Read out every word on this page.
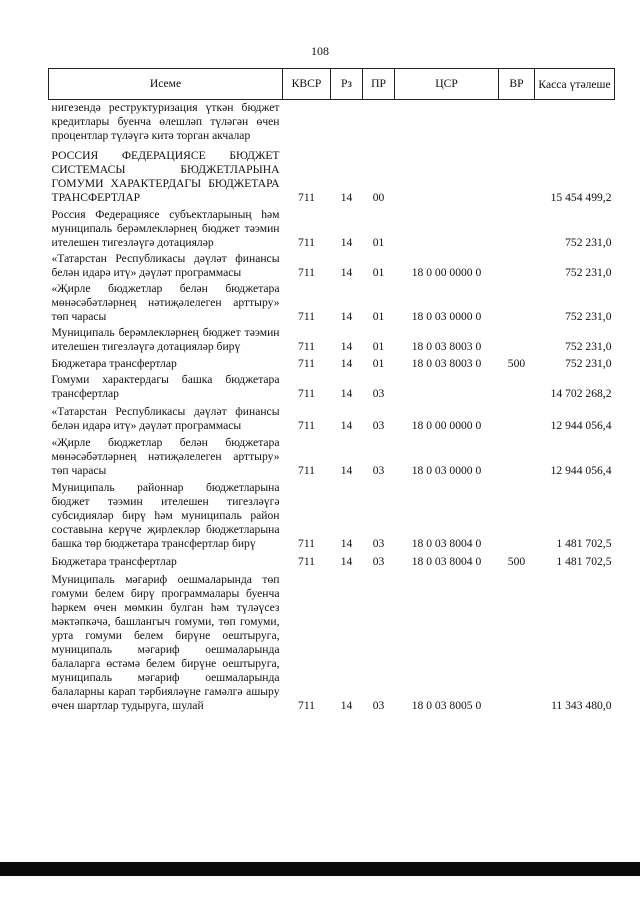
108
Исеме	КВСР	Рз	ПР	ЦСР	ВР	Касса үтәлеше
нигезендә реструктуризация үткән бюджет кредитлары буенча өлешләп түләгән өчен процентлар түләүгә китә торган акчалар						
РОССИЯ ФЕДЕРАЦИЯСЕ БЮДЖЕТ СИСТЕМАСЫ БЮДЖЕТЛАРЫНА ГОМУМИ ХАРАКТЕРДАГЫ БЮДЖЕТАРА ТРАНСФЕРТЛАР	711	14	00			15 454 499,2
Россия Федерациясе субъектларының һәм муниципаль берәмлекләрнең бюджет тәэмин ителешен тигезләүгә дотацияләр	711	14	01			752 231,0
«Татарстан Республикасы дәүләт финансы белән идарә итү» дәүләт программасы	711	14	01	18 0 00 0000 0		752 231,0
«Җирле бюджетлар белән бюджетара мөнәсәбәтләрнең нәтиҗәлелеген арттыру» төп чарасы	711	14	01	18 0 03 0000 0		752 231,0
Муниципаль берәмлекләрнең бюджет тәэмин ителешен тигезләүгә дотацияләр бирү	711	14	01	18 0 03 8003 0		752 231,0
Бюджетара трансфертлар	711	14	01	18 0 03 8003 0	500	752 231,0
Гомуми характердагы башка бюджетара трансфертлар	711	14	03			14 702 268,2
«Татарстан Республикасы дәүләт финансы белән идарә итү» дәүләт программасы	711	14	03	18 0 00 0000 0		12 944 056,4
«Җирле бюджетлар белән бюджетара мөнәсәбәтләрнең нәтиҗәлелеген арттыру» төп чарасы	711	14	03	18 0 03 0000 0		12 944 056,4
Муниципаль районнар бюджетларына бюджет тәэмин ителешен тигезләүгә субсидияләр бирү һәм муниципаль район составына керүче җирлекләр бюджетларына башка төр бюджетара трансфертлар бирү	711	14	03	18 0 03 8004 0		1 481 702,5
Бюджетара трансфертлар	711	14	03	18 0 03 8004 0	500	1 481 702,5
Муниципаль мәгариф оешмаларында төп гомуми белем бирү программалары буенча һәркем өчен мөмкин булган һәм түләүсез мәктәпкәчә, башлангыч гомуми, төп гомуми, урта гомуми белем бирүне оештыруга, муниципаль мәгариф оешмаларында балаларга өстәмә белем бирүне оештыруга, муниципаль мәгариф оешмаларында балаларны карап тәрбияләүне гамәлгә ашыру өчен шартлар тудыруга, шулай	711	14	03	18 0 03 8005 0		11 343 480,0
